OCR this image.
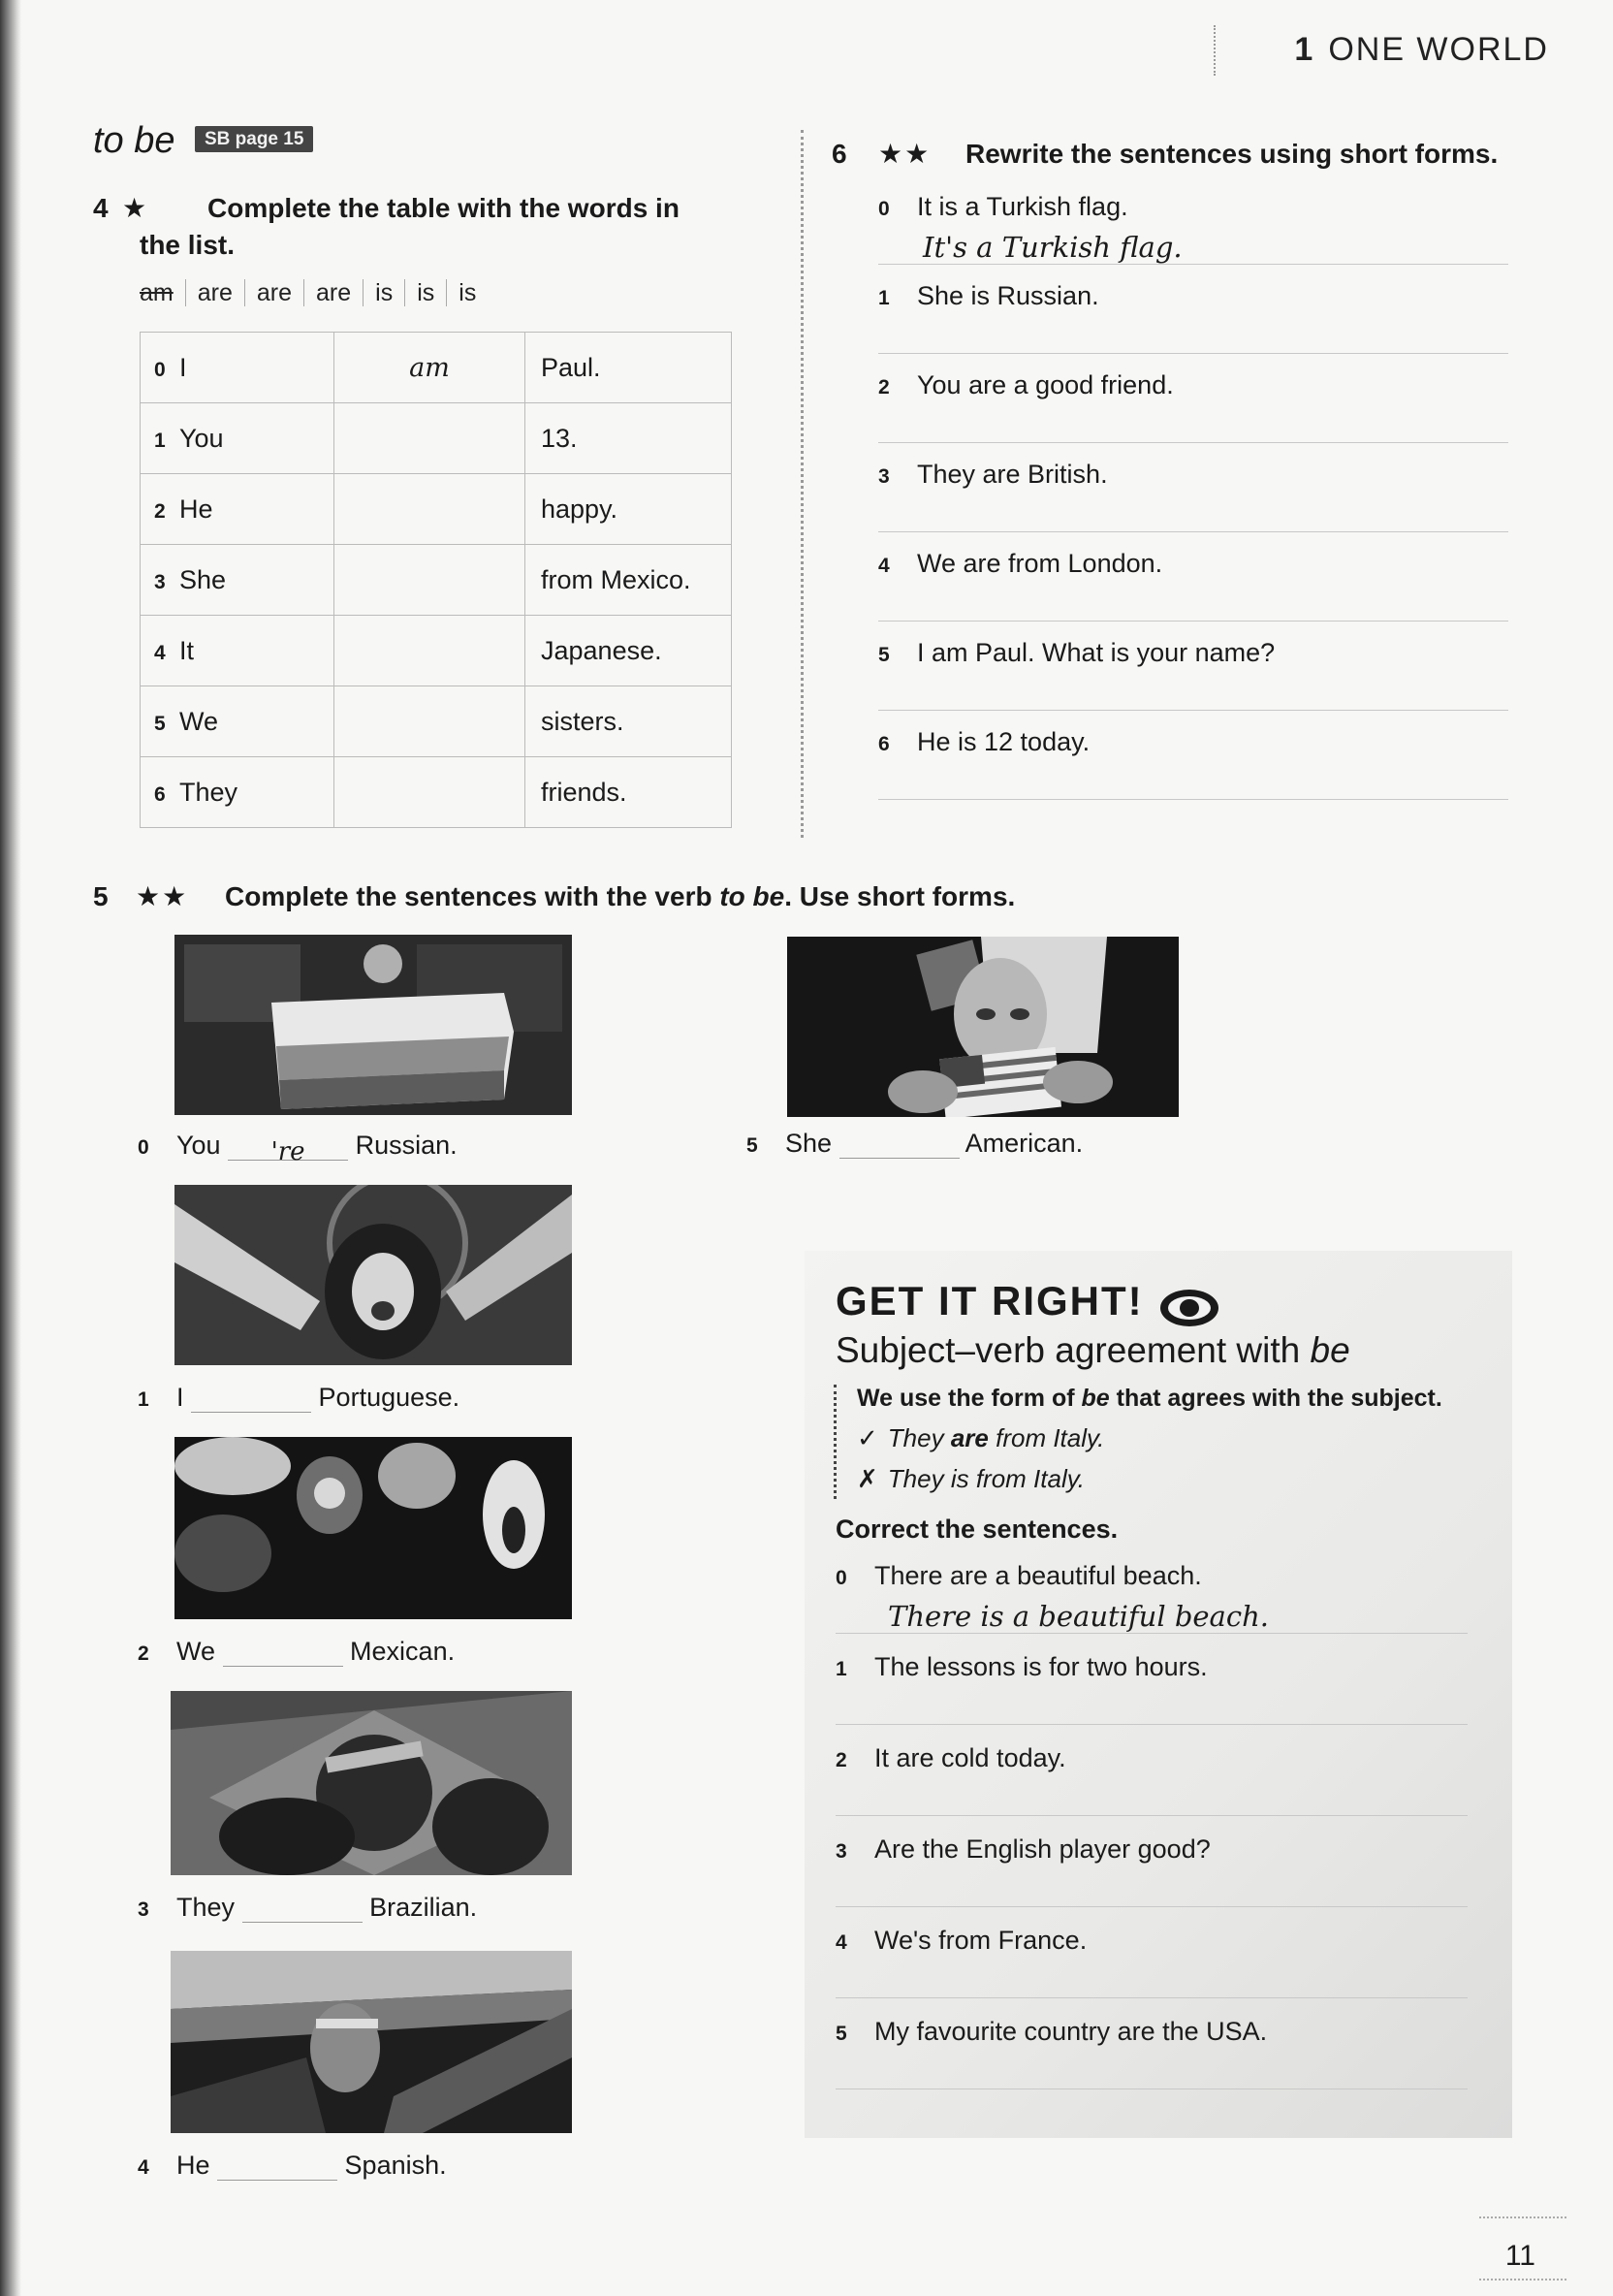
1 ONE WORLD
to be SB page 15
4 ★ Complete the table with the words in
the list.
am are are are is is is
0 I	am	Paul.
1 You		13.
2 He		happy.
3 She		from Mexico.
4 It		Japanese.
5 We		sisters.
6 They		friends.
6 ★★ Rewrite the sentences using short forms.
0 It is a Turkish flag.
It's a Turkish flag.
1 She is Russian.
2 You are a good friend.
3 They are British.
4 We are from London.
5 I am Paul. What is your name?
6 He is 12 today.
5 ★★ Complete the sentences with the verb to be. Use short forms.
0 You 're Russian.
1 I	Portuguese.
2 We	Mexican.
3 They	Brazilian.
4 He	Spanish.
5 She	American.
GET IT RIGHT!
Subject–verb agreement with be
We use the form of be that agrees with the subject.
✓ They are from Italy.
✗ They is from Italy.
Correct the sentences.
0 There are a beautiful beach.
There is a beautiful beach.
1 The lessons is for two hours.
2 It are cold today.
3 Are the English player good?
4 We's from France.
5 My favourite country are the USA.
11
